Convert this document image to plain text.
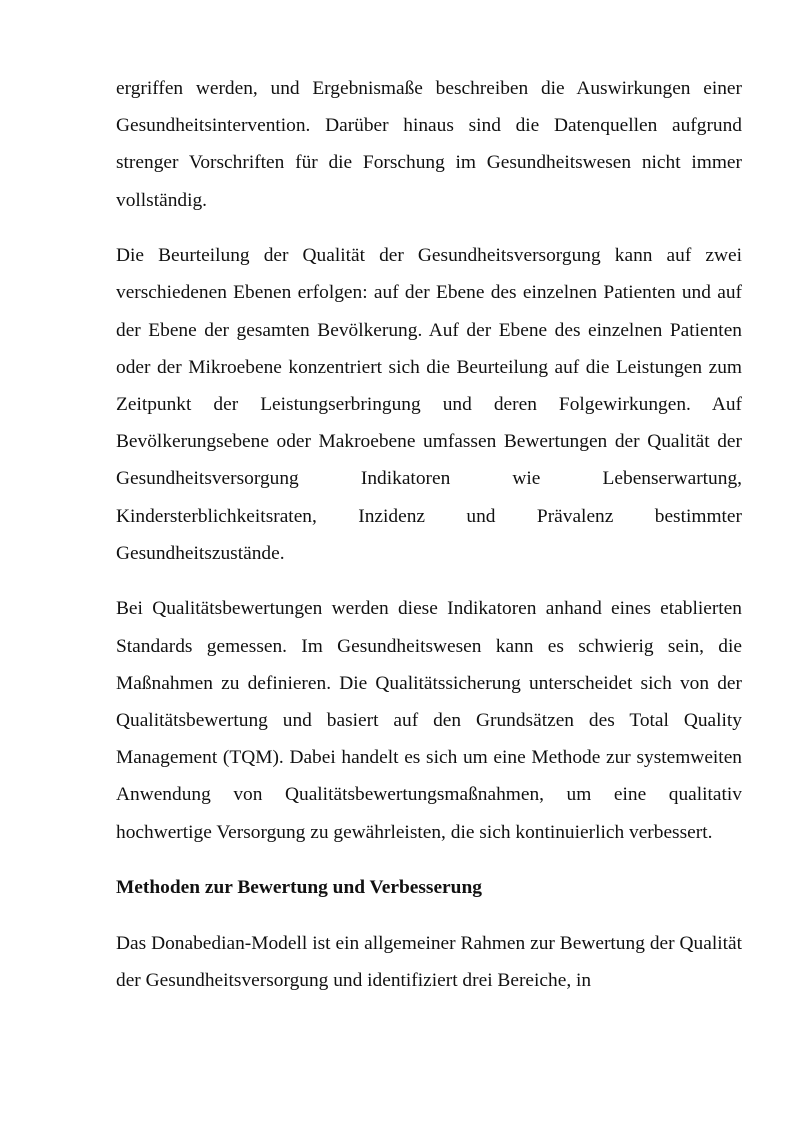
ergriffen werden, und Ergebnismaße beschreiben die Auswirkungen einer Gesundheitsintervention. Darüber hinaus sind die Datenquellen aufgrund strenger Vorschriften für die Forschung im Gesundheitswesen nicht immer vollständig.

Die Beurteilung der Qualität der Gesundheitsversorgung kann auf zwei verschiedenen Ebenen erfolgen: auf der Ebene des einzelnen Patienten und auf der Ebene der gesamten Bevölkerung. Auf der Ebene des einzelnen Patienten oder der Mikroebene konzentriert sich die Beurteilung auf die Leistungen zum Zeitpunkt der Leistungserbringung und deren Folgewirkungen. Auf Bevölkerungsebene oder Makroebene umfassen Bewertungen der Qualität der Gesundheitsversorgung Indikatoren wie Lebenserwartung, Kindersterblichkeitsraten, Inzidenz und Prävalenz bestimmter Gesundheitszustände.

Bei Qualitätsbewertungen werden diese Indikatoren anhand eines etablierten Standards gemessen. Im Gesundheitswesen kann es schwierig sein, die Maßnahmen zu definieren. Die Qualitätssicherung unterscheidet sich von der Qualitätsbewertung und basiert auf den Grundsätzen des Total Quality Management (TQM). Dabei handelt es sich um eine Methode zur systemweiten Anwendung von Qualitätsbewertungsmaßnahmen, um eine qualitativ hochwertige Versorgung zu gewährleisten, die sich kontinuierlich verbessert.

Methoden zur Bewertung und Verbesserung

Das Donabedian-Modell ist ein allgemeiner Rahmen zur Bewertung der Qualität der Gesundheitsversorgung und identifiziert drei Bereiche, in
